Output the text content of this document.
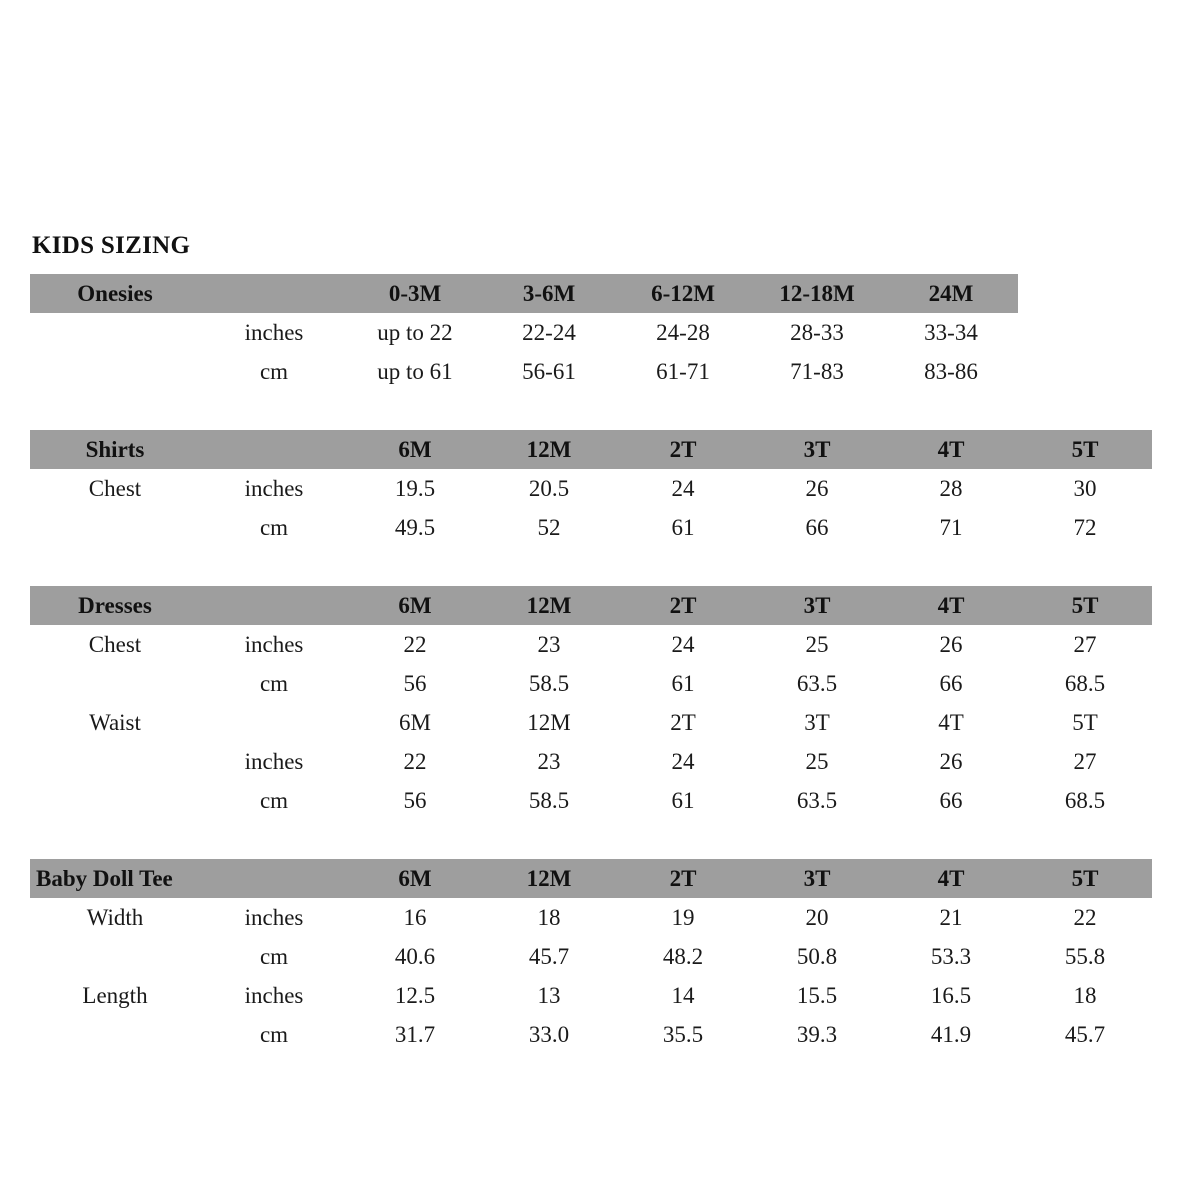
KIDS SIZING
Onesies		0-3M	3-6M	6-12M	12-18M	24M	
	inches	up to 22	22-24	24-28	28-33	33-34	
	cm	up to 61	56-61	61-71	71-83	83-86	

Shirts		6M	12M	2T	3T	4T	5T
Chest	inches	19.5	20.5	24	26	28	30
	cm	49.5	52	61	66	71	72

Dresses		6M	12M	2T	3T	4T	5T
Chest	inches	22	23	24	25	26	27
	cm	56	58.5	61	63.5	66	68.5
Waist		6M	12M	2T	3T	4T	5T
	inches	22	23	24	25	26	27
	cm	56	58.5	61	63.5	66	68.5

Baby Doll Tee		6M	12M	2T	3T	4T	5T
Width	inches	16	18	19	20	21	22
	cm	40.6	45.7	48.2	50.8	53.3	55.8
Length	inches	12.5	13	14	15.5	16.5	18
	cm	31.7	33.0	35.5	39.3	41.9	45.7
